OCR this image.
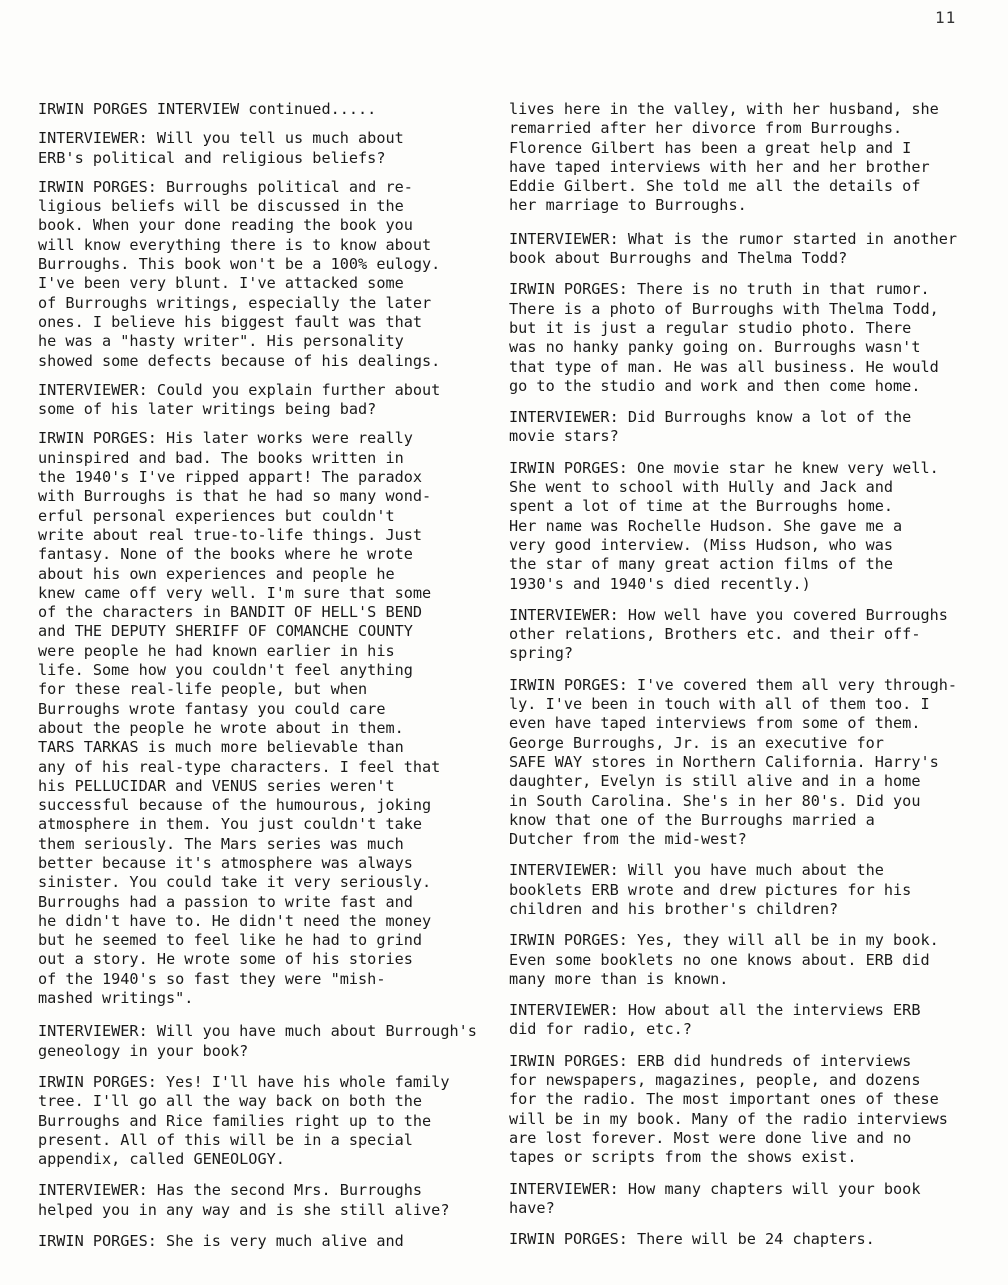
11
IRWIN PORGES INTERVIEW continued.....
INTERVIEWER: Will you tell us much about
ERB's political and religious beliefs?
IRWIN PORGES: Burroughs political and re-
ligious beliefs will be discussed in the
book. When your done reading the book you
will know everything there is to know about
Burroughs. This book won't be a 100% eulogy.
I've been very blunt. I've attacked some
of Burroughs writings, especially the later
ones. I believe his biggest fault was that
he was a "hasty writer". His personality
showed some defects because of his dealings.
INTERVIEWER: Could you explain further about
some of his later writings being bad?
IRWIN PORGES: His later works were really
uninspired and bad. The books written in
the 1940's I've ripped appart! The paradox
with Burroughs is that he had so many wond-
erful personal experiences but couldn't
write about real true-to-life things. Just
fantasy. None of the books where he wrote
about his own experiences and people he
knew came off very well. I'm sure that some
of the characters in BANDIT OF HELL'S BEND
and THE DEPUTY SHERIFF OF COMANCHE COUNTY
were people he had known earlier in his
life. Some how you couldn't feel anything
for these real-life people, but when
Burroughs wrote fantasy you could care
about the people he wrote about in them.
TARS TARKAS is much more believable than
any of his real-type characters. I feel that
his PELLUCIDAR and VENUS series weren't
successful because of the humourous, joking
atmosphere in them. You just couldn't take
them seriously. The Mars series was much
better because it's atmosphere was always
sinister. You could take it very seriously.
Burroughs had a passion to write fast and
he didn't have to. He didn't need the money
but he seemed to feel like he had to grind
out a story. He wrote some of his stories
of the 1940's so fast they were "mish-
mashed writings".
INTERVIEWER: Will you have much about Burrough's
geneology in your book?
IRWIN PORGES: Yes! I'll have his whole family
tree. I'll go all the way back on both the
Burroughs and Rice families right up to the
present. All of this will be in a special
appendix, called GENEOLOGY.
INTERVIEWER: Has the second Mrs. Burroughs
helped you in any way and is she still alive?
IRWIN PORGES: She is very much alive and
lives here in the valley, with her husband, she
remarried after her divorce from Burroughs.
Florence Gilbert has been a great help and I
have taped interviews with her and her brother
Eddie Gilbert. She told me all the details of
her marriage to Burroughs.
INTERVIEWER: What is the rumor started in another
book about Burroughs and Thelma Todd?
IRWIN PORGES: There is no truth in that rumor.
There is a photo of Burroughs with Thelma Todd,
but it is just a regular studio photo. There
was no hanky panky going on. Burroughs wasn't
that type of man. He was all business. He would
go to the studio and work and then come home.
INTERVIEWER: Did Burroughs know a lot of the
movie stars?
IRWIN PORGES: One movie star he knew very well.
She went to school with Hully and Jack and
spent a lot of time at the Burroughs home.
Her name was Rochelle Hudson. She gave me a
very good interview. (Miss Hudson, who was
the star of many great action films of the
1930's and 1940's died recently.)
INTERVIEWER: How well have you covered Burroughs
other relations, Brothers etc. and their off-
spring?
IRWIN PORGES: I've covered them all very through-
ly. I've been in touch with all of them too. I
even have taped interviews from some of them.
George Burroughs, Jr. is an executive for
SAFE WAY stores in Northern California. Harry's
daughter, Evelyn is still alive and in a home
in South Carolina. She's in her 80's. Did you
know that one of the Burroughs married a
Dutcher from the mid-west?
INTERVIEWER: Will you have much about the
booklets ERB wrote and drew pictures for his
children and his brother's children?
IRWIN PORGES: Yes, they will all be in my book.
Even some booklets no one knows about. ERB did
many more than is known.
INTERVIEWER: How about all the interviews ERB
did for radio, etc.?
IRWIN PORGES: ERB did hundreds of interviews
for newspapers, magazines, people, and dozens
for the radio. The most important ones of these
will be in my book. Many of the radio interviews
are lost forever. Most were done live and no
tapes or scripts from the shows exist.
INTERVIEWER: How many chapters will your book
have?
IRWIN PORGES: There will be 24 chapters.
